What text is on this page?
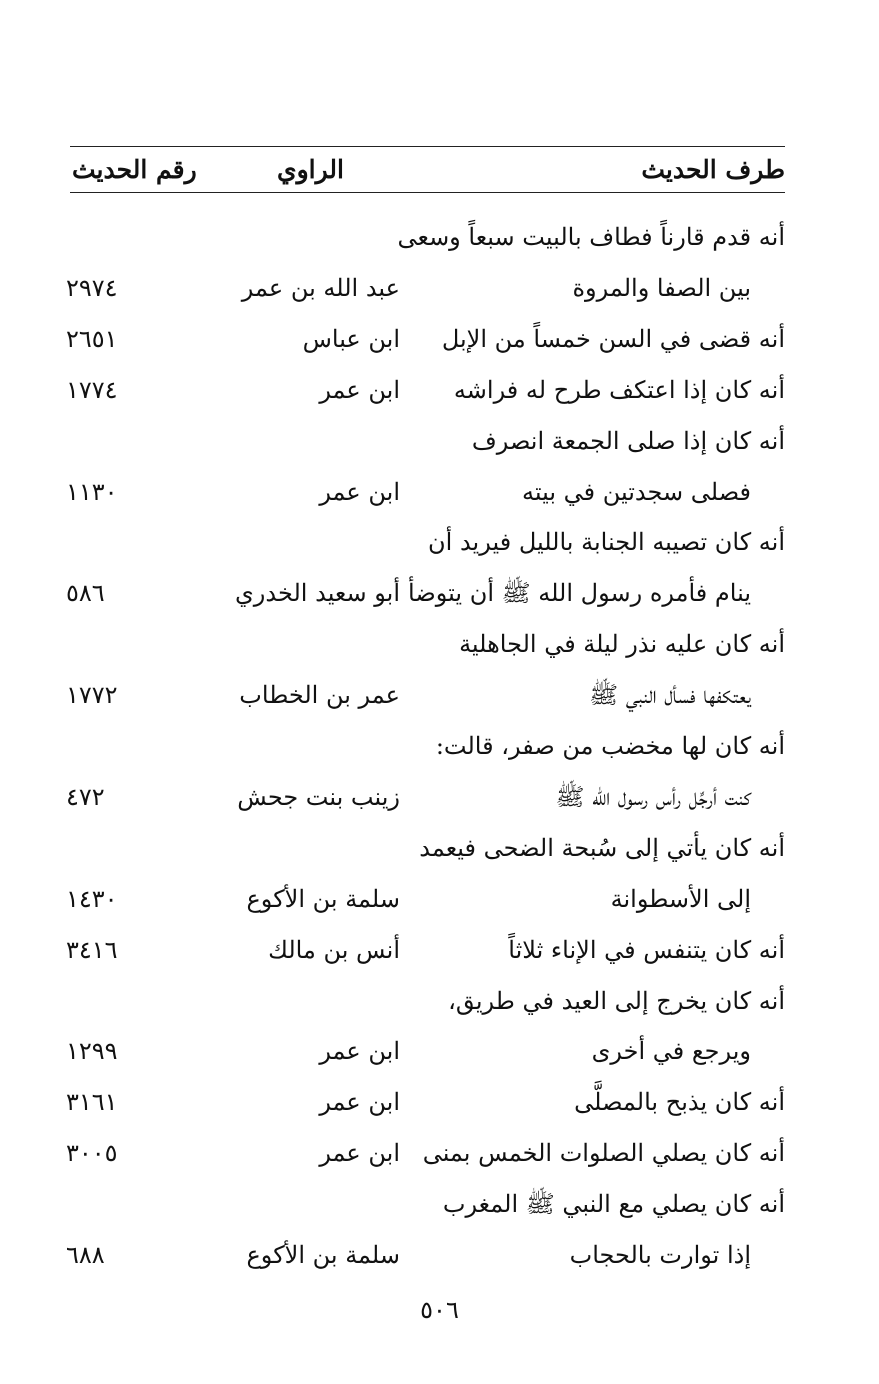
طرف الحديث
الراوي
رقم الحديث
أنه قدم قارناً فطاف بالبيت سبعاً وسعى
بين الصفا والمروة
عبد الله بن عمر
٢٩٧٤
أنه قضى في السن خمساً من الإبل
ابن عباس
٢٦٥١
أنه كان إذا اعتكف طرح له فراشه
ابن عمر
١٧٧٤
أنه كان إذا صلى الجمعة انصرف
فصلى سجدتين في بيته
ابن عمر
١١٣٠
أنه كان تصيبه الجنابة بالليل فيريد أن
ينام فأمره رسول الله ﷺ أن يتوضأ
أبو سعيد الخدري
٥٨٦
أنه كان عليه نذر ليلة في الجاهلية
يعتكفها فسأل النبي ﷺ
عمر بن الخطاب
١٧٧٢
أنه كان لها مخضب من صفر، قالت:
كنت أرجِّل رأس رسول الله ﷺ
زينب بنت جحش
٤٧٢
أنه كان يأتي إلى سُبحة الضحى فيعمد
إلى الأسطوانة
سلمة بن الأكوع
١٤٣٠
أنه كان يتنفس في الإناء ثلاثاً
أنس بن مالك
٣٤١٦
أنه كان يخرج إلى العيد في طريق،
ويرجع في أخرى
ابن عمر
١٢٩٩
أنه كان يذبح بالمصلَّى
ابن عمر
٣١٦١
أنه كان يصلي الصلوات الخمس بمنى
ابن عمر
٣٠٠٥
أنه كان يصلي مع النبي ﷺ المغرب
إذا توارت بالحجاب
سلمة بن الأكوع
٦٨٨
٥٠٦
